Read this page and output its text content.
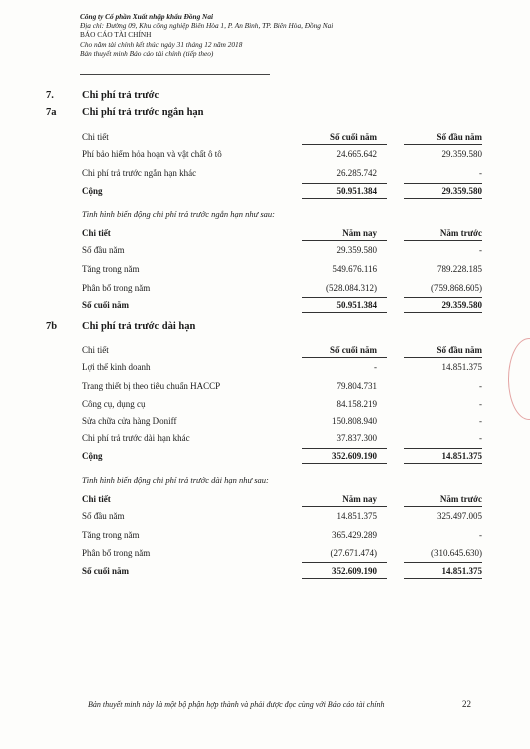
Công ty Cổ phần Xuất nhập khẩu Đồng Nai
Địa chỉ: Đường 09, Khu công nghiệp Biên Hòa 1, P. An Bình, TP. Biên Hòa, Đồng Nai
BÁO CÁO TÀI CHÍNH
Cho năm tài chính kết thúc ngày 31 tháng 12 năm 2018
Bản thuyết minh Báo cáo tài chính (tiếp theo)
7.	Chi phí trả trước
7a Chi phí trả trước ngắn hạn
Chi tiết	Số cuối năm	Số đầu năm
Phí bảo hiểm hỏa hoạn và vật chất ô tô	24.665.642	29.359.580
Chi phí trả trước ngắn hạn khác	26.285.742	-
Cộng	50.951.384	29.359.580
Tình hình biến động chi phí trả trước ngắn hạn như sau:
Chi tiết	Năm nay	Năm trước
Số đầu năm	29.359.580	-
Tăng trong năm	549.676.116	789.228.185
Phân bổ trong năm	(528.084.312)	(759.868.605)
Số cuối năm	50.951.384	29.359.580
7b Chi phí trả trước dài hạn
Chi tiết	Số cuối năm	Số đầu năm
Lợi thế kinh doanh	-	14.851.375
Trang thiết bị theo tiêu chuẩn HACCP	79.804.731	-
Công cụ, dụng cụ	84.158.219	-
Sửa chữa cửa hàng Doniff	150.808.940	-
Chi phí trả trước dài hạn khác	37.837.300	-
Cộng	352.609.190	14.851.375
Tình hình biến động chi phí trả trước dài hạn như sau:
Chi tiết	Năm nay	Năm trước
Số đầu năm	14.851.375	325.497.005
Tăng trong năm	365.429.289	-
Phân bổ trong năm	(27.671.474)	(310.645.630)
Số cuối năm	352.609.190	14.851.375
Bản thuyết minh này là một bộ phận hợp thành và phải được đọc cùng với Báo cáo tài chính	22
